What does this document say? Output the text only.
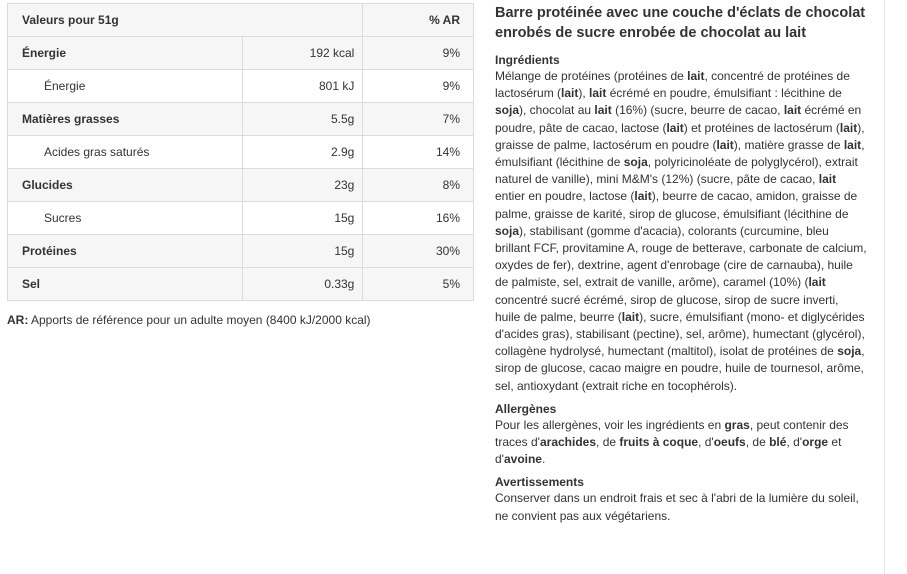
Valeurs pour 51g		% AR
Énergie	192 kcal	9%
Énergie	801 kJ	9%
Matières grasses	5.5g	7%
Acides gras saturés	2.9g	14%
Glucides	23g	8%
Sucres	15g	16%
Protéines	15g	30%
Sel	0.33g	5%
AR: Apports de référence pour un adulte moyen (8400 kJ/2000 kcal)

Barre protéinée avec une couche d'éclats de chocolat enrobés de sucre enrobée de chocolat au lait

Ingrédients

Mélange de protéines (protéines de lait, concentré de protéines de lactosérum (lait), lait écrémé en poudre, émulsifiant : lécithine de soja), chocolat au lait (16%) (sucre, beurre de cacao, lait écrémé en poudre, pâte de cacao, lactose (lait) et protéines de lactosérum (lait), graisse de palme, lactosérum en poudre (lait), matière grasse de lait, émulsifiant (lécithine de soja, polyricinoléate de polyglycérol), extrait naturel de vanille), mini M&M's (12%) (sucre, pâte de cacao, lait entier en poudre, lactose (lait), beurre de cacao, amidon, graisse de palme, graisse de karité, sirop de glucose, émulsifiant (lécithine de soja), stabilisant (gomme d'acacia), colorants (curcumine, bleu brillant FCF, provitamine A, rouge de betterave, carbonate de calcium, oxydes de fer), dextrine, agent d'enrobage (cire de carnauba), huile de palmiste, sel, extrait de vanille, arôme), caramel (10%) (lait concentré sucré écrémé, sirop de glucose, sirop de sucre inverti, huile de palme, beurre (lait), sucre, émulsifiant (mono- et diglycérides d'acides gras), stabilisant (pectine), sel, arôme), humectant (glycérol), collagène hydrolysé, humectant (maltitol), isolat de protéines de soja, sirop de glucose, cacao maigre en poudre, huile de tournesol, arôme, sel, antioxydant (extrait riche en tocophérols).

Allergènes

Pour les allergènes, voir les ingrédients en gras, peut contenir des traces d'arachides, de fruits à coque, d'oeufs, de blé, d'orge et d'avoine.

Avertissements

Conserver dans un endroit frais et sec à l'abri de la lumière du soleil, ne convient pas aux végétariens.
